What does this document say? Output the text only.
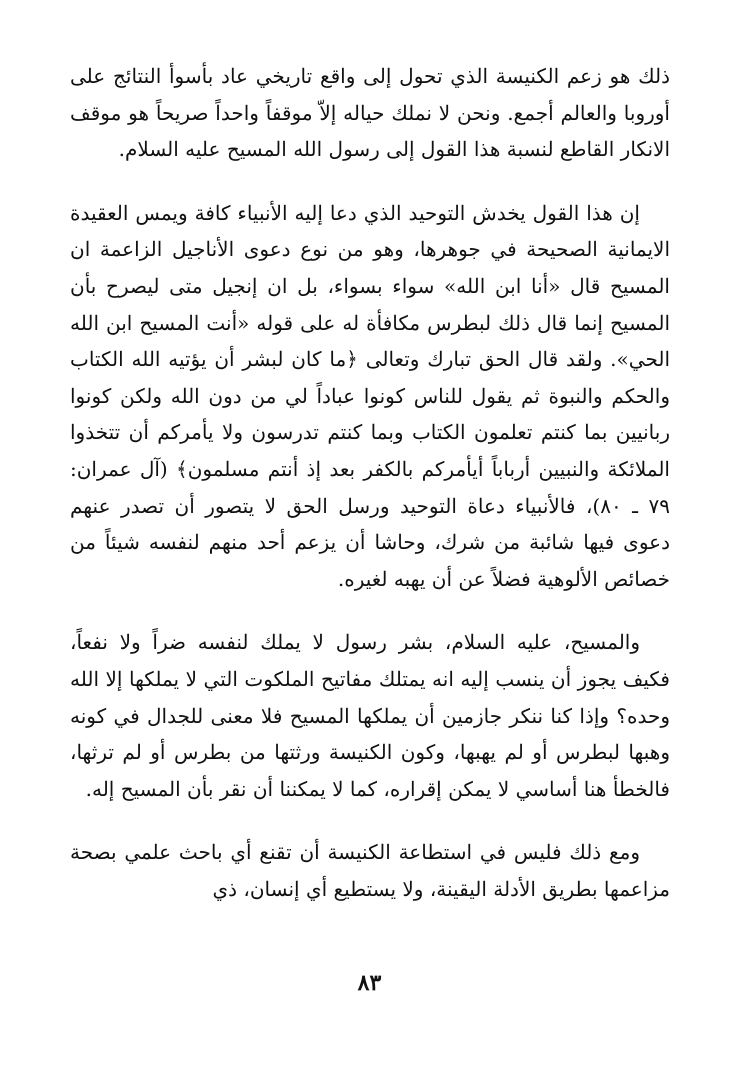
ذلك هو زعم الكنيسة الذي تحول إلى واقع تاريخي عاد بأسوأ النتائج على أوروبا والعالم أجمع. ونحن لا نملك حياله إلاّ موقفاً واحداً صريحاً هو موقف الانكار القاطع لنسبة هذا القول إلى رسول الله المسيح عليه السلام.

إن هذا القول يخدش التوحيد الذي دعا إليه الأنبياء كافة ويمس العقيدة الايمانية الصحيحة في جوهرها، وهو من نوع دعوى الأناجيل الزاعمة ان المسيح قال «أنا ابن الله» سواء بسواء، بل ان إنجيل متى ليصرح بأن المسيح إنما قال ذلك لبطرس مكافأة له على قوله «أنت المسيح ابن الله الحي». ولقد قال الحق تبارك وتعالى ﴿ما كان لبشر أن يؤتيه الله الكتاب والحكم والنبوة ثم يقول للناس كونوا عباداً لي من دون الله ولكن كونوا ربانيين بما كنتم تعلمون الكتاب وبما كنتم تدرسون ولا يأمركم أن تتخذوا الملائكة والنبيين أرباباً أيأمركم بالكفر بعد إذ أنتم مسلمون﴾ (آل عمران: ٧٩ ـ ٨٠)، فالأنبياء دعاة التوحيد ورسل الحق لا يتصور أن تصدر عنهم دعوى فيها شائبة من شرك، وحاشا أن يزعم أحد منهم لنفسه شيئاً من خصائص الألوهية فضلاً عن أن يهبه لغيره.

والمسيح، عليه السلام، بشر رسول لا يملك لنفسه ضراً ولا نفعاً، فكيف يجوز أن ينسب إليه انه يمتلك مفاتيح الملكوت التي لا يملكها إلا الله وحده؟ وإذا كنا ننكر جازمين أن يملكها المسيح فلا معنى للجدال في كونه وهبها لبطرس أو لم يهبها، وكون الكنيسة ورثتها من بطرس أو لم ترثها، فالخطأ هنا أساسي لا يمكن إقراره، كما لا يمكننا أن نقر بأن المسيح إله.

ومع ذلك فليس في استطاعة الكنيسة أن تقنع أي باحث علمي بصحة مزاعمها بطريق الأدلة اليقينة، ولا يستطيع أي إنسان، ذي

٨٣
